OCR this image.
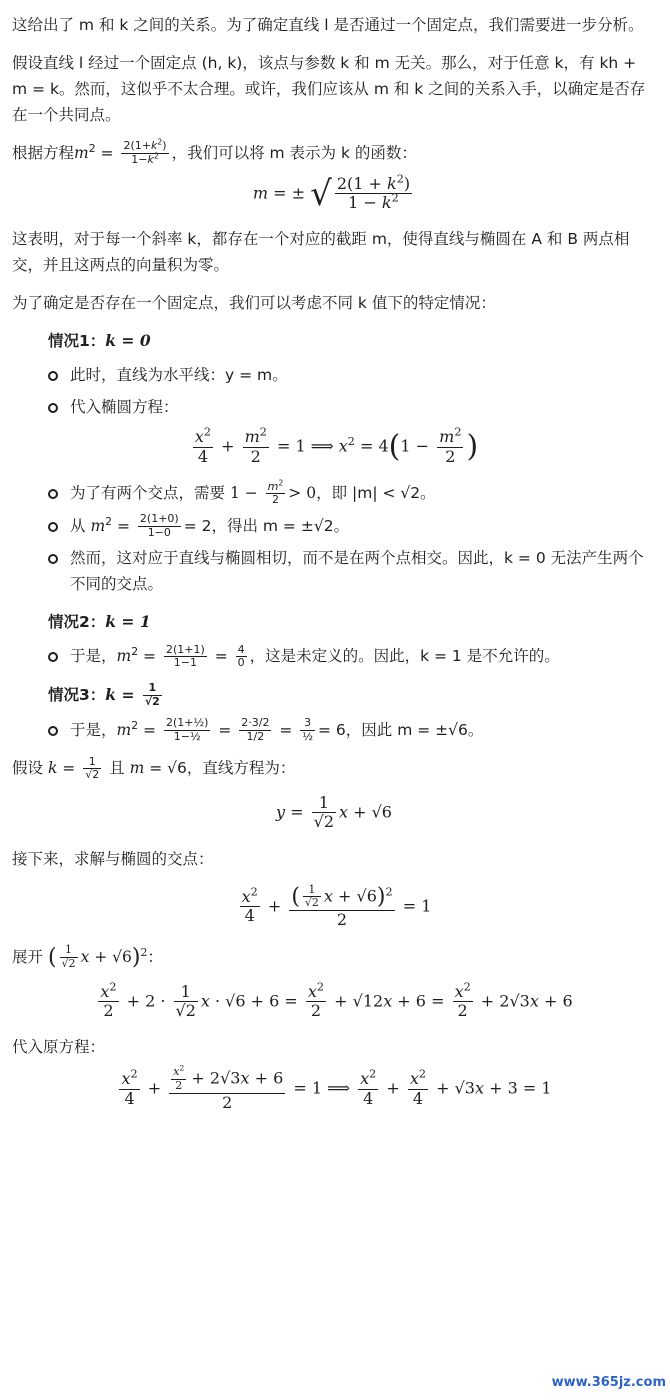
这给出了 m 和 k 之间的关系。为了确定直线 l 是否通过一个固定点，我们需要进一步分析。

假设直线 l 经过一个固定点 (h, k)，该点与参数 k 和 m 无关。那么，对于任意 k，有 kh + m = k。然而，这似乎不太合理。或许，我们应该从 m 和 k 之间的关系入手，以确定是否存在一个共同点。

根据方程$m^2 = \frac{2(1+k^2)}{1-k^2}$ ，我们可以将 m 表示为 k 的函数：

m = ± √ $\frac{2(1 + k^2)}{1 - k^2}$

这表明，对于每一个斜率 k，都存在一个对应的截距 m，使得直线与椭圆在 A 和 B 两点相交，并且这两点的向量积为零。

为了确定是否存在一个固定点，我们可以考虑不同 k 值下的特定情况：

情况1：k = 0
此时，直线为水平线：y = m。
代入椭圆方程：
$\frac{x^2}{4} + \frac{m^2}{2} = 1$ ⟹ $x^2 = 4(1 - \frac{m^2}{2}$ )
为了有两个交点，需要 $1 - \frac{m^2}{2} > 0$，即 |m| < √2。
从 $m^2 = \frac{2(1+0)}{1-0} = 2$，得出 m = ±√2。
然而，这对应于直线与椭圆相切，而不是在两个点相交。因此，k = 0 无法产生两个不同的交点。
情况2：k = 1
于是，$m^2 = \frac{2(1+1)}{1-1} = \frac{4}{0}$ ，这是未定义的。因此，k = 1 是不允许的。
情况3：$k = \frac{1}{√2}$
于是，$m^2 = \frac{\text{2(1+½)}}{\text{1−½}} = \frac{2\cdot 3/2}{1/2} = \frac{3}{\text{½}} = 6$，因此 m = ±√6。

假设 $k = \frac{1}{√2}$ 且 m = √6，直线方程为：

$y = \frac{1}{√2}$ x + √6

接下来，求解与椭圆的交点：

$\frac{x^2}{4} + \frac{( \frac{1}{√2} x + √6)^2}{2} = 1$

展开 ( $\frac{1}{√2}$ x + √6)$^2$：

$\frac{x^2}{2} + 2 \cdot \frac{1}{√2}$ $x \cdot √6 + 6 = \frac{x^2}{2} + √12x + 6 = \frac{x^2}{2} + 2√3x + 6$

代入原方程：

$\frac{x^2}{4} + \frac{\frac{x^2}{2} + 2√3x + 6}{2} = 1$ ⟹ $\frac{x^2}{4} + \frac{x^2}{4} + √3x + 3 = 1$
www.365jz.com
